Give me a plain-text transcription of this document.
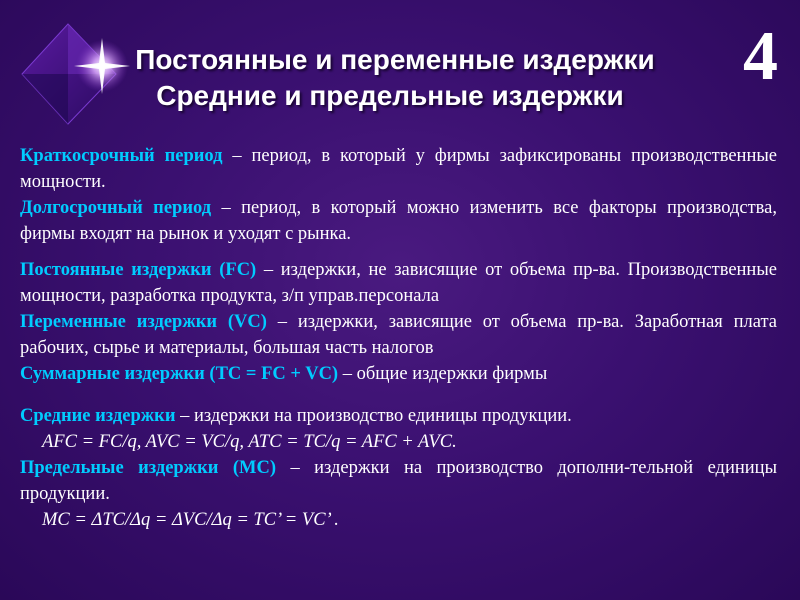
4
Постоянные и переменные издержки
Средние и предельные издержки

Краткосрочный период – период, в который у фирмы зафиксированы производственные мощности.

Долгосрочный период – период, в который можно изменить все факторы производства, фирмы входят на рынок и уходят с рынка.

Постоянные издержки (FC) – издержки, не зависящие от объема пр-ва. Производственные мощности, разработка продукта, з/п управ.персонала

Переменные издержки (VC) – издержки, зависящие от объема пр-ва. Заработная плата рабочих, сырье и материалы, большая часть налогов

Суммарные издержки (TC = FC + VC) – общие издержки фирмы

Средние издержки – издержки на производство единицы продукции.

AFC = FC/q, AVC = VC/q, ATC = TC/q = AFC + AVC.

Предельные издержки (MC) – издержки на производство дополни-тельной единицы продукции.

MC = ΔTC/Δq = ΔVC/Δq = TC’ = VC’ .
